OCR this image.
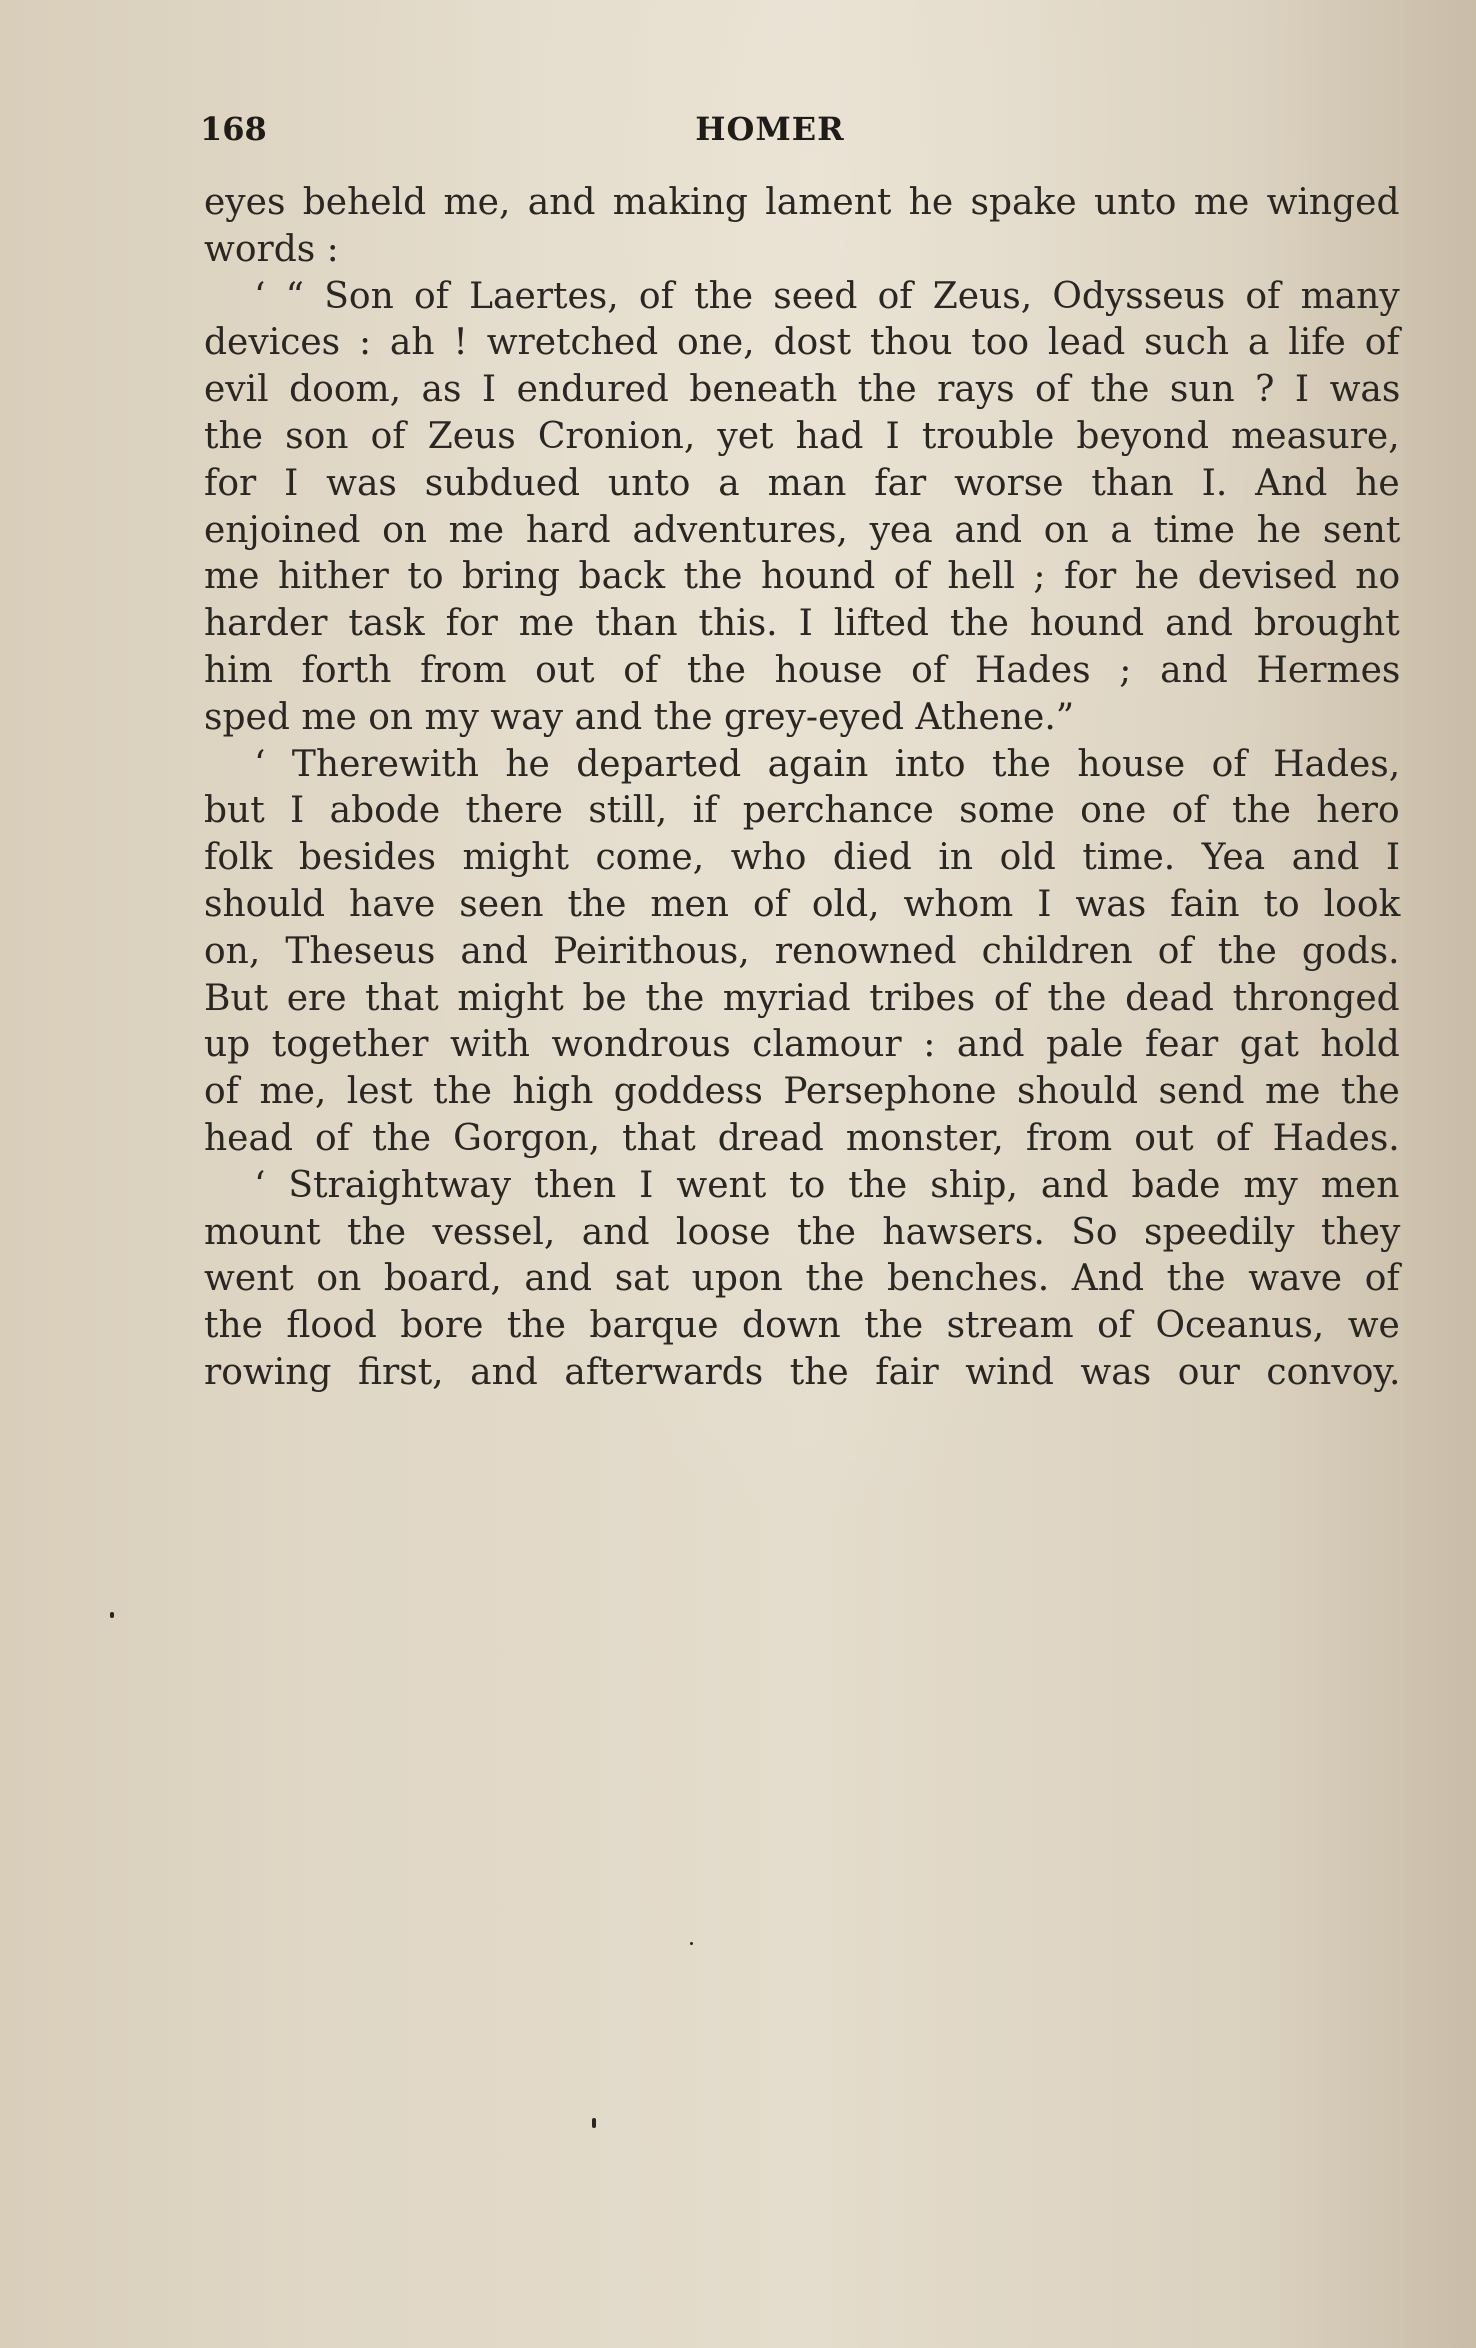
168	HOMER
eyes beheld me, and making lament he spake unto me winged
words :
‘ “ Son of Laertes, of the seed of Zeus, Odysseus of many
devices : ah ! wretched one, dost thou too lead such a life of
evil doom, as I endured beneath the rays of the sun ? I was
the son of Zeus Cronion, yet had I trouble beyond measure,
for I was subdued unto a man far worse than I. And he
enjoined on me hard adventures, yea and on a time he sent
me hither to bring back the hound of hell ; for he devised no
harder task for me than this. I lifted the hound and brought
him forth from out of the house of Hades ; and Hermes
sped me on my way and the grey-eyed Athene.”
‘ Therewith he departed again into the house of Hades,
but I abode there still, if perchance some one of the hero
folk besides might come, who died in old time. Yea and I
should have seen the men of old, whom I was fain to look
on, Theseus and Peirithous, renowned children of the gods.
But ere that might be the myriad tribes of the dead thronged
up together with wondrous clamour : and pale fear gat hold
of me, lest the high goddess Persephone should send me the
head of the Gorgon, that dread monster, from out of Hades.
‘ Straightway then I went to the ship, and bade my men
mount the vessel, and loose the hawsers. So speedily they
went on board, and sat upon the benches. And the wave of
the flood bore the barque down the stream of Oceanus, we
rowing first, and afterwards the fair wind was our convoy.
